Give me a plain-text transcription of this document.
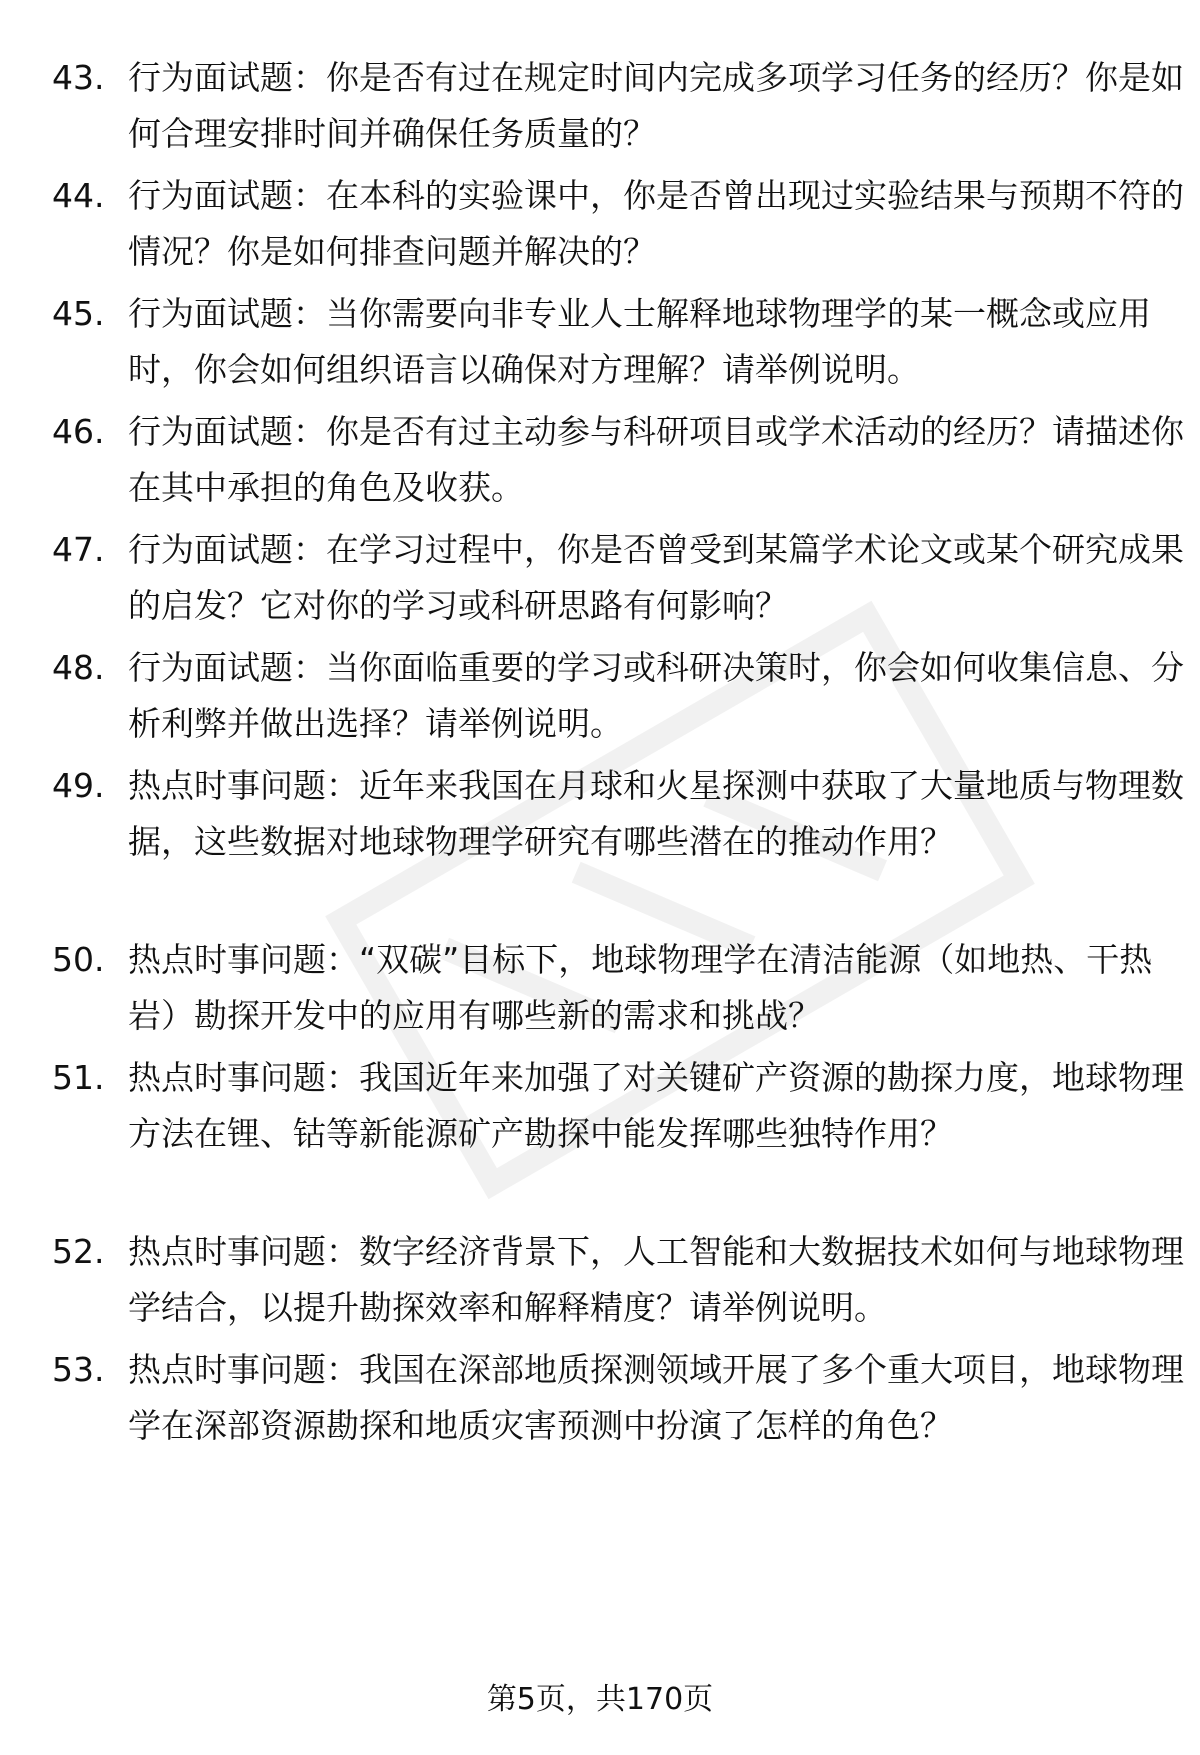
43. 行为面试题：你是否有过在规定时间内完成多项学习任务的经历？你是如何合理安排时间并确保任务质量的？
44. 行为面试题：在本科的实验课中，你是否曾出现过实验结果与预期不符的情况？你是如何排查问题并解决的？
45. 行为面试题：当你需要向非专业人士解释地球物理学的某一概念或应用时，你会如何组织语言以确保对方理解？请举例说明。
46. 行为面试题：你是否有过主动参与科研项目或学术活动的经历？请描述你在其中承担的角色及收获。
47. 行为面试题：在学习过程中，你是否曾受到某篇学术论文或某个研究成果的启发？它对你的学习或科研思路有何影响？
48. 行为面试题：当你面临重要的学习或科研决策时，你会如何收集信息、分析利弊并做出选择？请举例说明。
49. 热点时事问题：近年来我国在月球和火星探测中获取了大量地质与物理数据，这些数据对地球物理学研究有哪些潜在的推动作用？
50. 热点时事问题：“双碳”目标下，地球物理学在清洁能源（如地热、干热岩）勘探开发中的应用有哪些新的需求和挑战？
51. 热点时事问题：我国近年来加强了对关键矿产资源的勘探力度，地球物理方法在锂、钴等新能源矿产勘探中能发挥哪些独特作用？
52. 热点时事问题：数字经济背景下，人工智能和大数据技术如何与地球物理学结合，以提升勘探效率和解释精度？请举例说明。
53. 热点时事问题：我国在深部地质探测领域开展了多个重大项目，地球物理学在深部资源勘探和地质灾害预测中扮演了怎样的角色？
第5页，共170页
